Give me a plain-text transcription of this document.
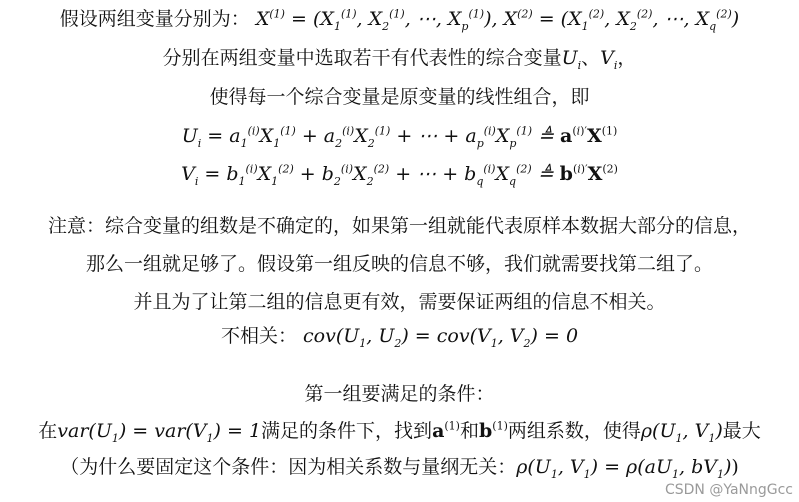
假设两组变量分别为： $X^{(1)} = (X_1^{(1)}$, $X_2^{(1)}$, ⋯, $X_p^{(1)}$), $X^{(2)} = (X_1^{(2)}$, $X_2^{(2)}$, ⋯, $X_q^{(2)}$)
分别在两组变量中选取若干有代表性的综合变量$U_i$、$V_i$，
使得每一个综合变量是原变量的线性组合，即
$U_i = a_1^{(i)}X_1^{(1)} + a_2^{(i)}X_2^{(1)}$ + ⋯ + $a_p^{(i)}X_p^{(1)}$ ≜ $a^{(i)'}X^{(1)}$
$V_i = b_1^{(i)}X_1^{(2)} + b_2^{(i)}X_2^{(2)}$ + ⋯ + $b_q^{(i)}X_q^{(2)}$ ≜ $b^{(i)'}X^{(2)}$
注意：综合变量的组数是不确定的，如果第一组就能代表原样本数据大部分的信息，
那么一组就足够了。假设第一组反映的信息不够，我们就需要找第二组了。
并且为了让第二组的信息更有效，需要保证两组的信息不相关。
不相关： $cov(U_1$, $U_2) = cov(V_1$, $V_2) = 0$
第一组要满足的条件：
在$var(U_1) = var(V_1) = 1$满足的条件下，找到$a^{(1)}$和$b^{(1)}$两组系数，使得$\rho(U_1$, $V_1$)最大
（为什么要固定这个条件：因为相关系数与量纲无关：$\rho(U_1$, $V_1) = \rho(aU_1$, $bV_1$))
CSDN @YaNngGcc
